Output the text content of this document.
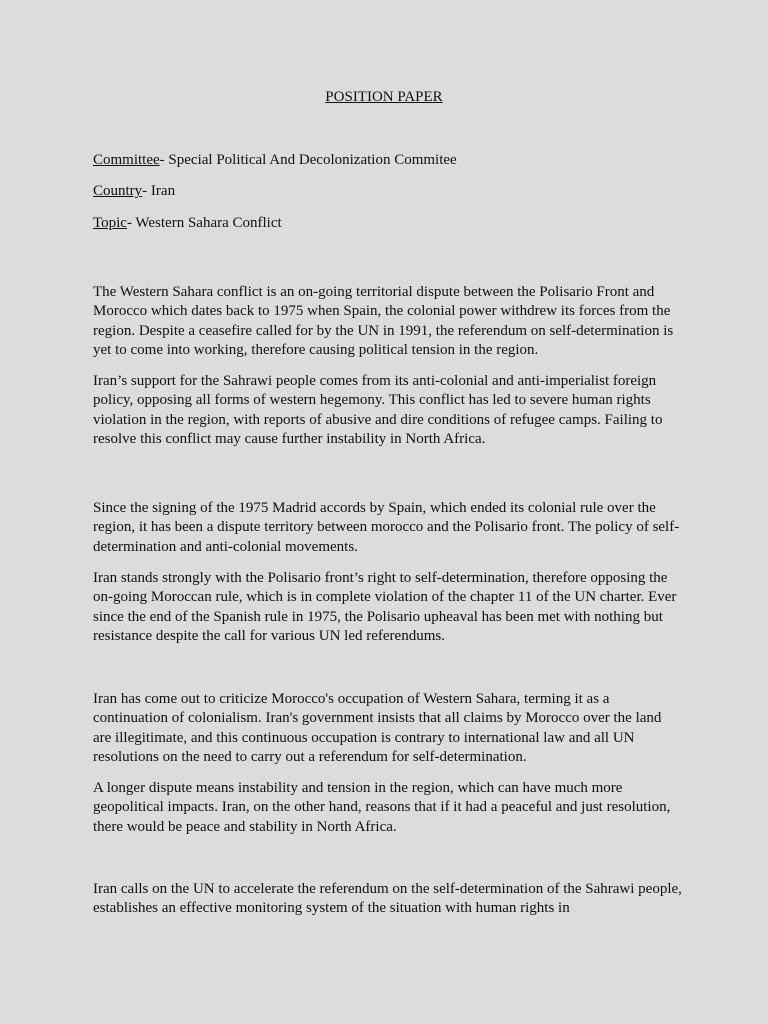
POSITION PAPER
Committee- Special Political And Decolonization Commitee
Country- Iran
Topic- Western Sahara Conflict

The Western Sahara conflict is an on-going territorial dispute between the Polisario Front and Morocco which dates back to 1975 when Spain, the colonial power withdrew its forces from the region. Despite a ceasefire called for by the UN in 1991, the referendum on self-determination is yet to come into working, therefore causing political tension in the region.

Iran’s support for the Sahrawi people comes from its anti-colonial and anti-imperialist foreign policy, opposing all forms of western hegemony. This conflict has led to severe human rights violation in the region, with reports of abusive and dire conditions of refugee camps. Failing to resolve this conflict may cause further instability in North Africa.

Since the signing of the 1975 Madrid accords by Spain, which ended its colonial rule over the region, it has been a dispute territory between morocco and the Polisario front. The policy of self-determination and anti-colonial movements.

Iran stands strongly with the Polisario front’s right to self-determination, therefore opposing the on-going Moroccan rule, which is in complete violation of the chapter 11 of the UN charter. Ever since the end of the Spanish rule in 1975, the Polisario upheaval has been met with nothing but resistance despite the call for various UN led referendums.

Iran has come out to criticize Morocco's occupation of Western Sahara, terming it as a continuation of colonialism. Iran's government insists that all claims by Morocco over the land are illegitimate, and this continuous occupation is contrary to international law and all UN resolutions on the need to carry out a referendum for self-determination.

A longer dispute means instability and tension in the region, which can have much more geopolitical impacts. Iran, on the other hand, reasons that if it had a peaceful and just resolution, there would be peace and stability in North Africa.

Iran calls on the UN to accelerate the referendum on the self-determination of the Sahrawi people, establishes an effective monitoring system of the situation with human rights in
